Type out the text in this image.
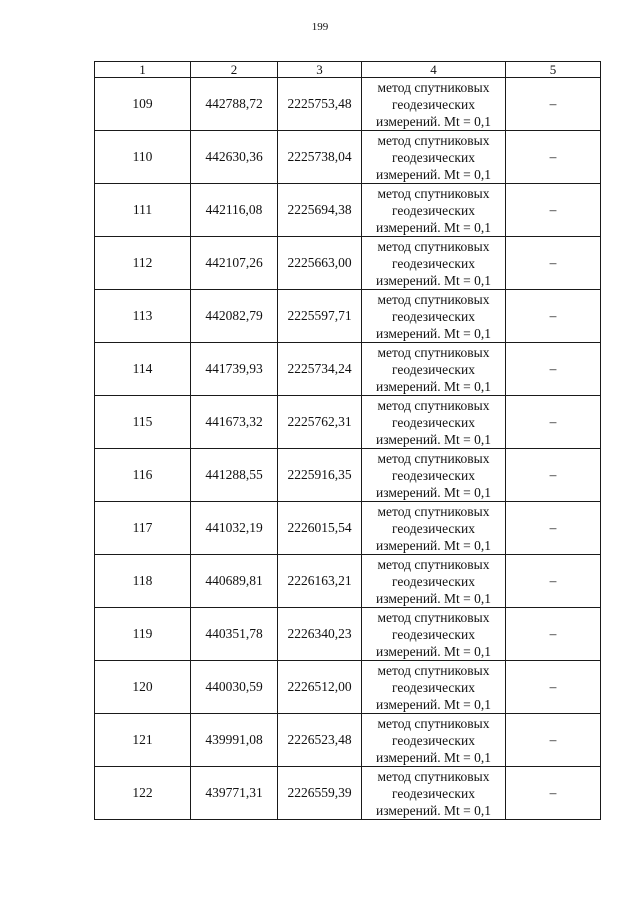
199
1	2	3	4	5
109	442788,72	2225753,48	метод спутниковых
геодезических
измерений. Mt = 0,1	–
110	442630,36	2225738,04	метод спутниковых
геодезических
измерений. Mt = 0,1	–
111	442116,08	2225694,38	метод спутниковых
геодезических
измерений. Mt = 0,1	–
112	442107,26	2225663,00	метод спутниковых
геодезических
измерений. Mt = 0,1	–
113	442082,79	2225597,71	метод спутниковых
геодезических
измерений. Mt = 0,1	–
114	441739,93	2225734,24	метод спутниковых
геодезических
измерений. Mt = 0,1	–
115	441673,32	2225762,31	метод спутниковых
геодезических
измерений. Mt = 0,1	–
116	441288,55	2225916,35	метод спутниковых
геодезических
измерений. Mt = 0,1	–
117	441032,19	2226015,54	метод спутниковых
геодезических
измерений. Mt = 0,1	–
118	440689,81	2226163,21	метод спутниковых
геодезических
измерений. Mt = 0,1	–
119	440351,78	2226340,23	метод спутниковых
геодезических
измерений. Mt = 0,1	–
120	440030,59	2226512,00	метод спутниковых
геодезических
измерений. Mt = 0,1	–
121	439991,08	2226523,48	метод спутниковых
геодезических
измерений. Mt = 0,1	–
122	439771,31	2226559,39	метод спутниковых
геодезических
измерений. Mt = 0,1	–
